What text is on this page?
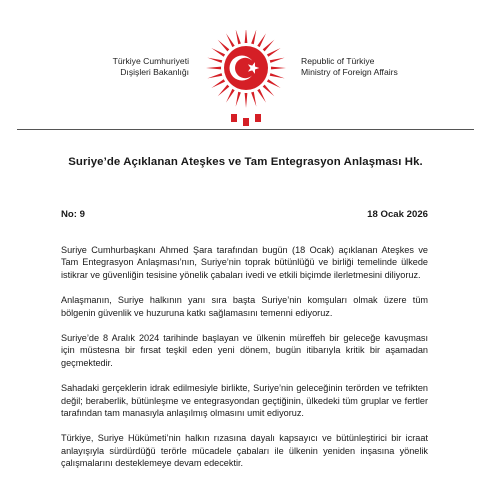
Türkiye Cumhuriyeti
Dışişleri Bakanlığı
Republic of Türkiye
Ministry of Foreign Affairs
Suriye’de Açıklanan Ateşkes ve Tam Entegrasyon Anlaşması Hk.
No: 9	18 Ocak 2026

Suriye Cumhurbaşkanı Ahmed Şara tarafından bugün (18 Ocak) açıklanan Ateşkes ve Tam Entegrasyon Anlaşması’nın, Suriye’nin toprak bütünlüğü ve birliği temelinde ülkede istikrar ve güvenliğin tesisine yönelik çabaları ivedi ve etkili biçimde ilerletmesini diliyoruz.

Anlaşmanın, Suriye halkının yanı sıra başta Suriye’nin komşuları olmak üzere tüm bölgenin güvenlik ve huzuruna katkı sağlamasını temenni ediyoruz.

Suriye’de 8 Aralık 2024 tarihinde başlayan ve ülkenin müreffeh bir geleceğe kavuşması için müstesna bir fırsat teşkil eden yeni dönem, bugün itibarıyla kritik bir aşamadan geçmektedir.

Sahadaki gerçeklerin idrak edilmesiyle birlikte, Suriye’nin geleceğinin terörden ve tefrikten değil; beraberlik, bütünleşme ve entegrasyondan geçtiğinin, ülkedeki tüm gruplar ve fertler tarafından tam manasıyla anlaşılmış olmasını umit ediyoruz.

Türkiye, Suriye Hükümeti’nin halkın rızasına dayalı kapsayıcı ve bütünleştirici bir icraat anlayışıyla sürdürdüğü terörle mücadele çabaları ile ülkenin yeniden inşasına yönelik çalışmalarını desteklemeye devam edecektir.
